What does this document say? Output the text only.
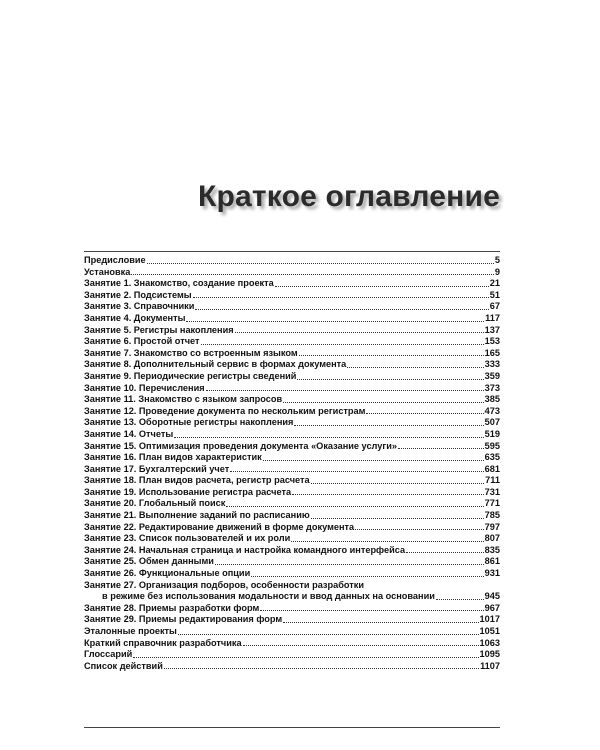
Краткое оглавление
Предисловие	5
Установка	9
Занятие 1. Знакомство, создание проекта	21
Занятие 2. Подсистемы	51
Занятие 3. Справочники	67
Занятие 4. Документы	117
Занятие 5. Регистры накопления	137
Занятие 6. Простой отчет	153
Занятие 7. Знакомство со встроенным языком	165
Занятие 8. Дополнительный сервис в формах документа	333
Занятие 9. Периодические регистры сведений	359
Занятие 10. Перечисления	373
Занятие 11. Знакомство с языком запросов	385
Занятие 12. Проведение документа по нескольким регистрам	473
Занятие 13. Оборотные регистры накопления	507
Занятие 14. Отчеты	519
Занятие 15. Оптимизация проведения документа «Оказание услуги»	595
Занятие 16. План видов характеристик	635
Занятие 17. Бухгалтерский учет	681
Занятие 18. План видов расчета, регистр расчета	711
Занятие 19. Использование регистра расчета	731
Занятие 20. Глобальный поиск	771
Занятие 21. Выполнение заданий по расписанию	785
Занятие 22. Редактирование движений в форме документа	797
Занятие 23. Список пользователей и их роли	807
Занятие 24. Начальная страница и настройка командного интерфейса	835
Занятие 25. Обмен данными	861
Занятие 26. Функциональные опции	931
Занятие 27. Организация подборов, особенности разработки
в режиме без использования модальности и ввод данных на основании	945
Занятие 28. Приемы разработки форм	967
Занятие 29. Приемы редактирования форм	1017
Эталонные проекты	1051
Краткий справочник разработчика	1063
Глоссарий	1095
Список действий	1107
